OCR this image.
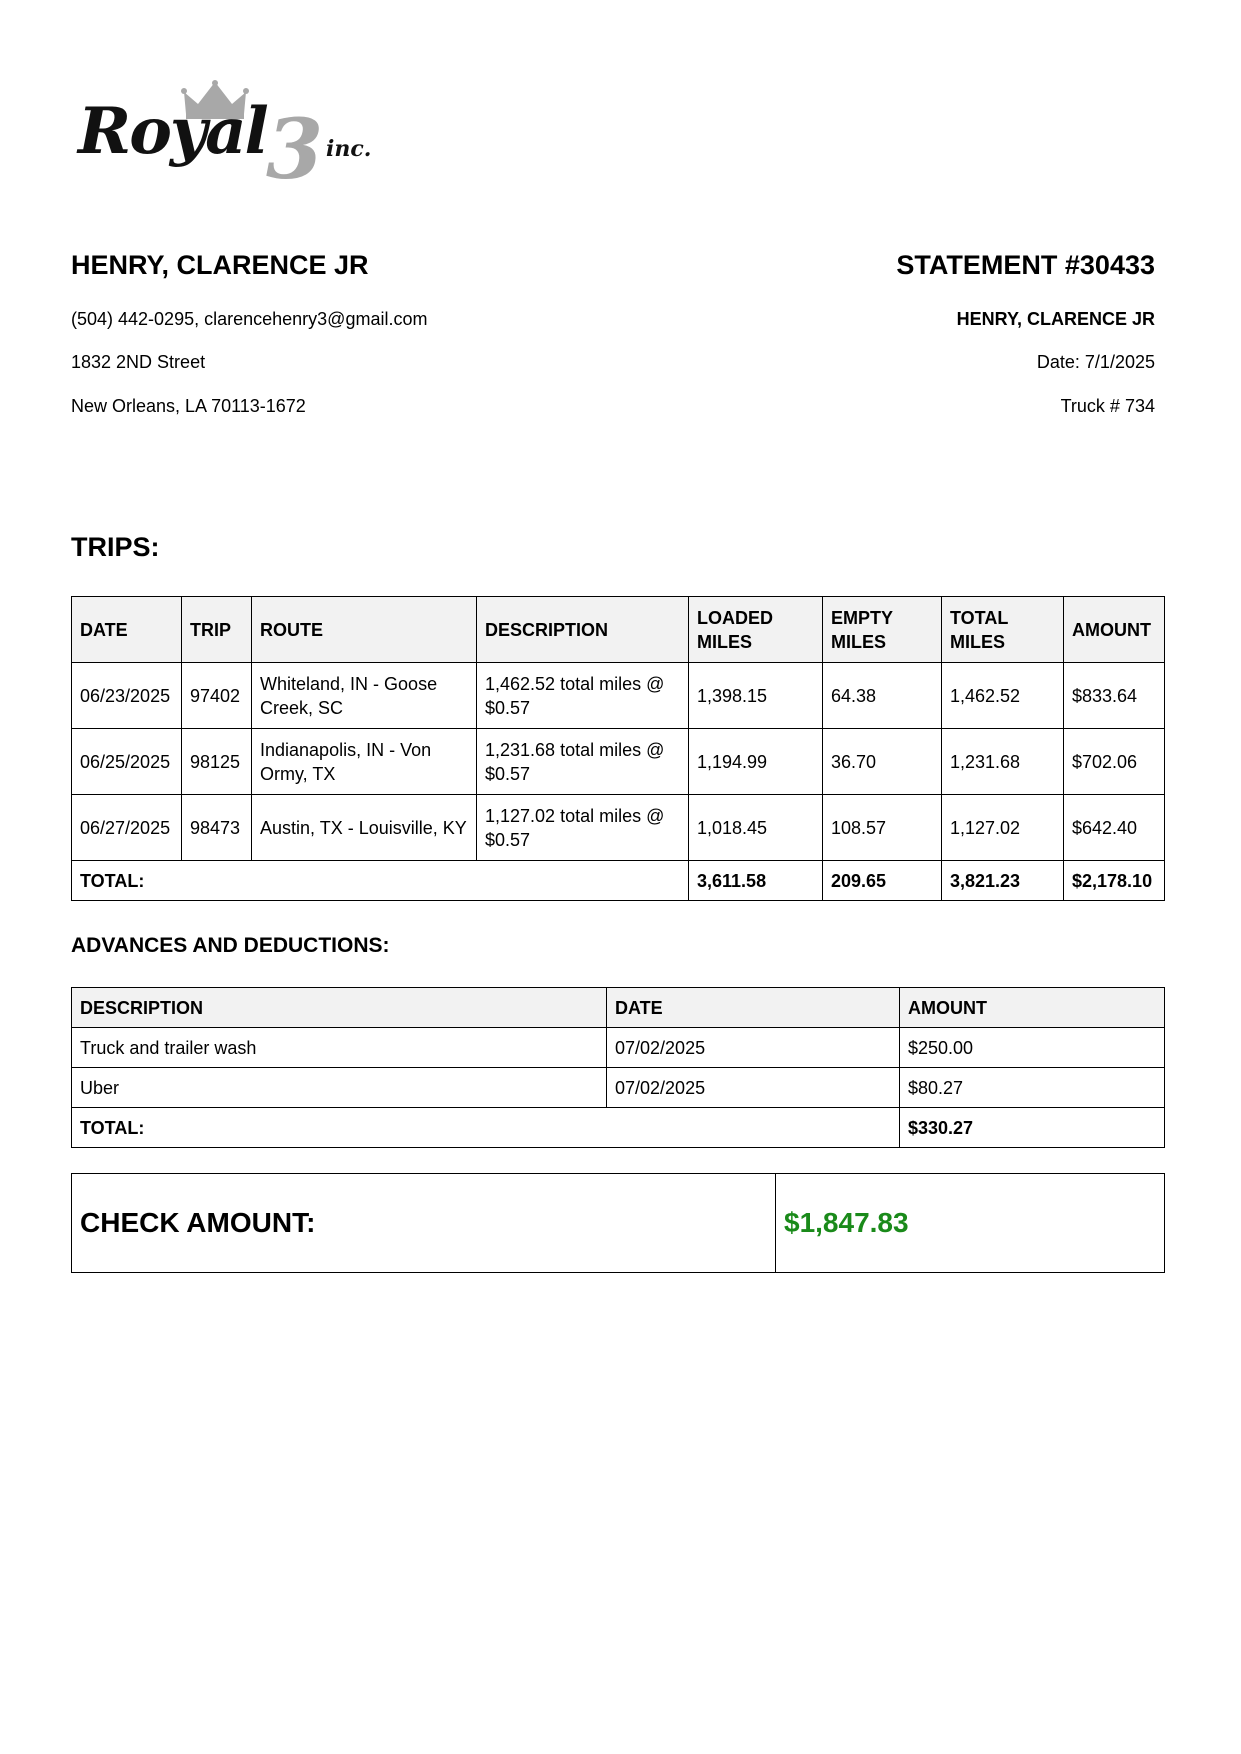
Royal 3 inc.
HENRY, CLARENCE JR
(504) 442-0295, clarencehenry3@gmail.com
1832 2ND Street
New Orleans, LA 70113-1672
STATEMENT #30433
HENRY, CLARENCE JR
Date: 7/1/2025
Truck # 734
TRIPS:
DATE	TRIP	ROUTE	DESCRIPTION	LOADED MILES	EMPTY MILES	TOTAL MILES	AMOUNT
06/23/2025	97402	Whiteland, IN - Goose Creek, SC	1,462.52 total miles @ $0.57	1,398.15	64.38	1,462.52	$833.64
06/25/2025	98125	Indianapolis, IN - Von Ormy, TX	1,231.68 total miles @ $0.57	1,194.99	36.70	1,231.68	$702.06
06/27/2025	98473	Austin, TX - Louisville, KY	1,127.02 total miles @ $0.57	1,018.45	108.57	1,127.02	$642.40
TOTAL:				3,611.58	209.65	3,821.23	$2,178.10
ADVANCES AND DEDUCTIONS:
DESCRIPTION	DATE	AMOUNT
Truck and trailer wash	07/02/2025	$250.00
Uber	07/02/2025	$80.27
TOTAL:		$330.27
CHECK AMOUNT:	$1,847.83
